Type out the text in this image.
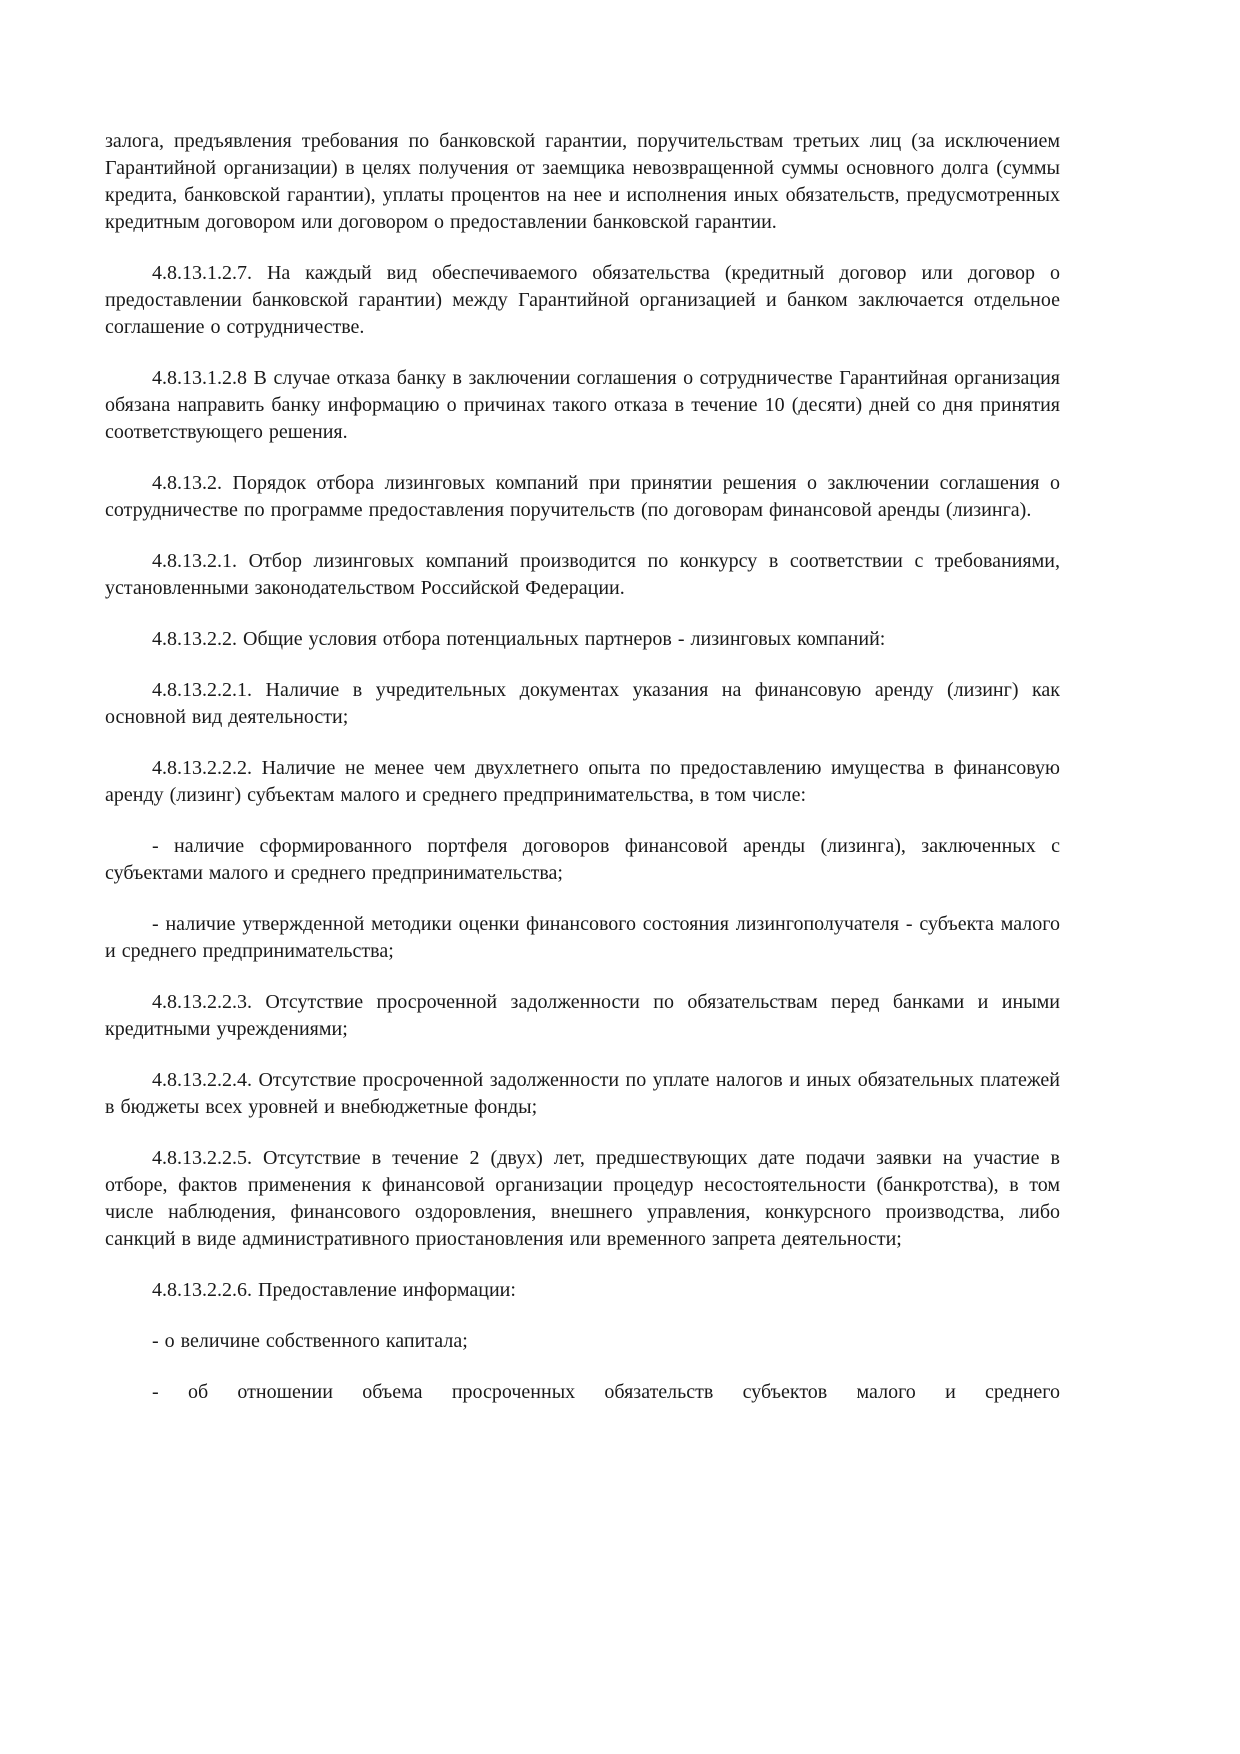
залога, предъявления требования по банковской гарантии, поручительствам третьих лиц (за исключением Гарантийной организации) в целях получения от заемщика невозвращенной суммы основного долга (суммы кредита, банковской гарантии), уплаты процентов на нее и исполнения иных обязательств, предусмотренных кредитным договором или договором о предоставлении банковской гарантии.

4.8.13.1.2.7. На каждый вид обеспечиваемого обязательства (кредитный договор или договор о предоставлении банковской гарантии) между Гарантийной организацией и банком заключается отдельное соглашение о сотрудничестве.

4.8.13.1.2.8 В случае отказа банку в заключении соглашения о сотрудничестве Гарантийная организация обязана направить банку информацию о причинах такого отказа в течение 10 (десяти) дней со дня принятия соответствующего решения.

4.8.13.2. Порядок отбора лизинговых компаний при принятии решения о заключении соглашения о сотрудничестве по программе предоставления поручительств (по договорам финансовой аренды (лизинга).

4.8.13.2.1. Отбор лизинговых компаний производится по конкурсу в соответствии с требованиями, установленными законодательством Российской Федерации.

4.8.13.2.2. Общие условия отбора потенциальных партнеров - лизинговых компаний:

4.8.13.2.2.1. Наличие в учредительных документах указания на финансовую аренду (лизинг) как основной вид деятельности;

4.8.13.2.2.2. Наличие не менее чем двухлетнего опыта по предоставлению имущества в финансовую аренду (лизинг) субъектам малого и среднего предпринимательства, в том числе:

- наличие сформированного портфеля договоров финансовой аренды (лизинга), заключенных с субъектами малого и среднего предпринимательства;

- наличие утвержденной методики оценки финансового состояния лизингополучателя - субъекта малого и среднего предпринимательства;

4.8.13.2.2.3. Отсутствие просроченной задолженности по обязательствам перед банками и иными кредитными учреждениями;

4.8.13.2.2.4. Отсутствие просроченной задолженности по уплате налогов и иных обязательных платежей в бюджеты всех уровней и внебюджетные фонды;

4.8.13.2.2.5. Отсутствие в течение 2 (двух) лет, предшествующих дате подачи заявки на участие в отборе, фактов применения к финансовой организации процедур несостоятельности (банкротства), в том числе наблюдения, финансового оздоровления, внешнего управления, конкурсного производства, либо санкций в виде административного приостановления или временного запрета деятельности;

4.8.13.2.2.6. Предоставление информации:

- о величине собственного капитала;

- об отношении объема просроченных обязательств субъектов малого и среднего
